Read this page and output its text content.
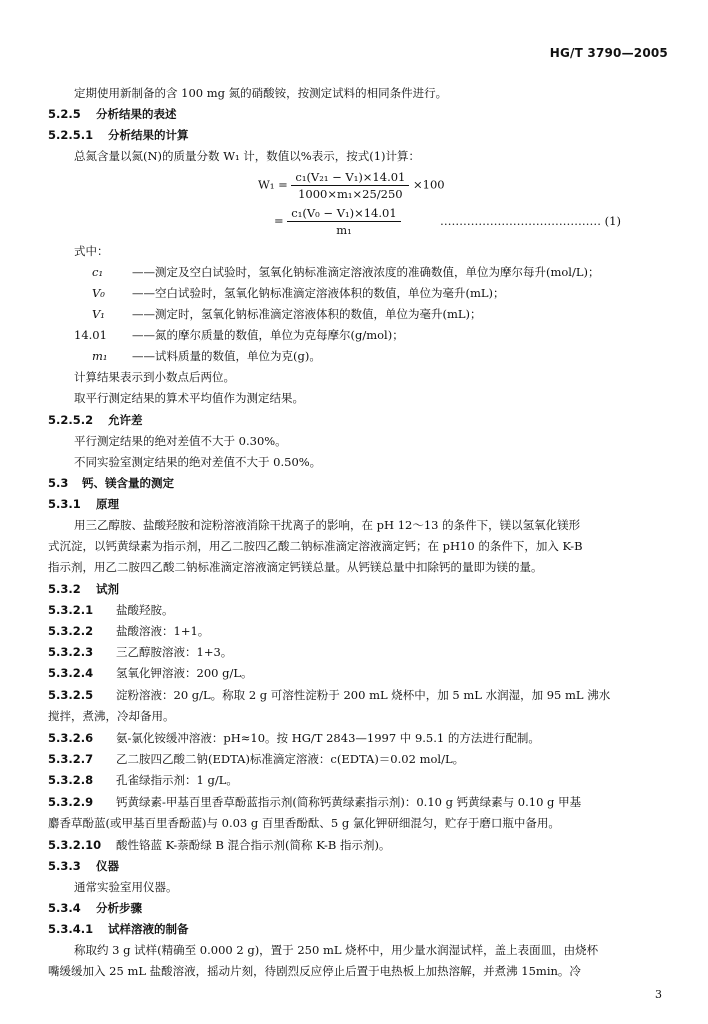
HG/T 3790—2005
定期使用新制备的含 100 mg 氮的硝酸铵，按测定试料的相同条件进行。
5.2.5 分析结果的表述
5.2.5.1 分析结果的计算
总氮含量以氮(N)的质量分数 W₁ 计，数值以%表示，按式(1)计算：
$W_1 = \frac{\text{c₁(V₂₁ − V₁)×14.01}}{\text{1000×m₁×25/250}} \times 100$
= $\frac{\text{c₁(V₀ − V₁)×14.01}}{\text{m₁}}$	…………………………………… (1)
式中：
c₁	——测定及空白试验时，氢氧化钠标准滴定溶液浓度的准确数值，单位为摩尔每升(mol/L)；
V₀ ——空白试验时，氢氧化钠标准滴定溶液体积的数值，单位为毫升(mL)；
V₁ ——测定时，氢氧化钠标准滴定溶液体积的数值，单位为毫升(mL)；
14.01 ——氮的摩尔质量的数值，单位为克每摩尔(g/mol)；
m₁ ——试料质量的数值，单位为克(g)。
计算结果表示到小数点后两位。
取平行测定结果的算术平均值作为测定结果。
5.2.5.2 允许差
平行测定结果的绝对差值不大于 0.30%。
不同实验室测定结果的绝对差值不大于 0.50%。
5.3 钙、镁含量的测定
5.3.1 原理
用三乙醇胺、盐酸羟胺和淀粉溶液消除干扰离子的影响，在 pH 12～13 的条件下，镁以氢氧化镁形
式沉淀，以钙黄绿素为指示剂，用乙二胺四乙酸二钠标准滴定溶液滴定钙；在 pH10 的条件下，加入 K-B
指示剂，用乙二胺四乙酸二钠标准滴定溶液滴定钙镁总量。从钙镁总量中扣除钙的量即为镁的量。
5.3.2 试剂
5.3.2.1 盐酸羟胺。
5.3.2.2 盐酸溶液：1+1。
5.3.2.3 三乙醇胺溶液：1+3。
5.3.2.4 氢氧化钾溶液：200 g/L。
5.3.2.5 淀粉溶液：20 g/L。称取 2 g 可溶性淀粉于 200 mL 烧杯中，加 5 mL 水润湿，加 95 mL 沸水
搅拌，煮沸，冷却备用。
5.3.2.6 氨-氯化铵缓冲溶液：pH≈10。按 HG/T 2843—1997 中 9.5.1 的方法进行配制。
5.3.2.7 乙二胺四乙酸二钠(EDTA)标准滴定溶液：c(EDTA)＝0.02 mol/L。
5.3.2.8 孔雀绿指示剂：1 g/L。
5.3.2.9 钙黄绿素-甲基百里香草酚蓝指示剂(简称钙黄绿素指示剂)：0.10 g 钙黄绿素与 0.10 g 甲基
麝香草酚蓝(或甲基百里香酚蓝)与 0.03 g 百里香酚酞、5 g 氯化钾研细混匀，贮存于磨口瓶中备用。
5.3.2.10 酸性铬蓝 K-萘酚绿 B 混合指示剂(简称 K-B 指示剂)。
5.3.3 仪器
通常实验室用仪器。
5.3.4 分析步骤
5.3.4.1 试样溶液的制备
称取约 3 g 试样(精确至 0.000 2 g)，置于 250 mL 烧杯中，用少量水润湿试样，盖上表面皿，由烧杯
嘴缓缓加入 25 mL 盐酸溶液，摇动片刻，待剧烈反应停止后置于电热板上加热溶解，并煮沸 15min。冷
3
